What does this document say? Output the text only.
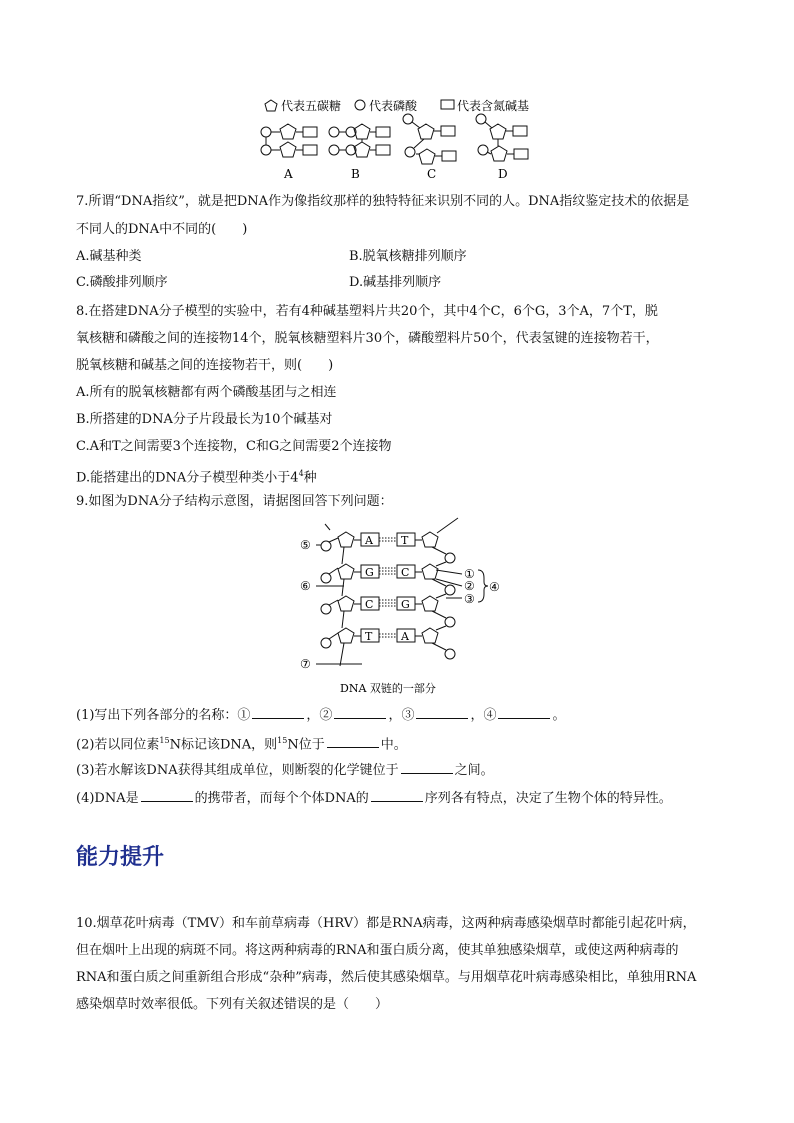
代表五碳糖 代表磷酸	代表含氮碱基
A	B	C	D
7.所谓“DNA指纹”，就是把DNA作为像指纹那样的独特特征来识别不同的人。DNA指纹鉴定技术的依据是
不同人的DNA中不同的(　　)
A.碱基种类	B.脱氧核糖排列顺序
C.磷酸排列顺序	D.碱基排列顺序
8.在搭建DNA分子模型的实验中，若有4种碱基塑料片共20个，其中4个C，6个G，3个A，7个T，脱
氧核糖和磷酸之间的连接物14个，脱氧核糖塑料片30个，磷酸塑料片50个，代表氢键的连接物若干，
脱氧核糖和碱基之间的连接物若干，则(　　)
A.所有的脱氧核糖都有两个磷酸基团与之相连
B.所搭建的DNA分子片段最长为10个碱基对
C.A和T之间需要3个连接物，C和G之间需要2个连接物
D.能搭建出的DNA分子模型种类小于$4^4$种
9.如图为DNA分子结构示意图，请据图回答下列问题：
A
G
C
T
T
C
G
A
⑤
⑥
⑦
①
②
③
④
DNA 双链的一部分
(1)写出下列各部分的名称：①	，②	，③	，④	。
(2)若以同位素$^{15}$N标记该DNA，则$^{15}$N位于	中。
(3)若水解该DNA获得其组成单位，则断裂的化学键位于	之间。
(4)DNA是	的携带者，而每个个体DNA的	序列各有特点，决定了生物个体的特异性。
能力提升
10.烟草花叶病毒（TMV）和车前草病毒（HRV）都是RNA病毒，这两种病毒感染烟草时都能引起花叶病，
但在烟叶上出现的病斑不同。将这两种病毒的RNA和蛋白质分离，使其单独感染烟草，或使这两种病毒的
RNA和蛋白质之间重新组合形成“杂种”病毒，然后使其感染烟草。与用烟草花叶病毒感染相比，单独用RNA
感染烟草时效率很低。下列有关叙述错误的是（　　）
